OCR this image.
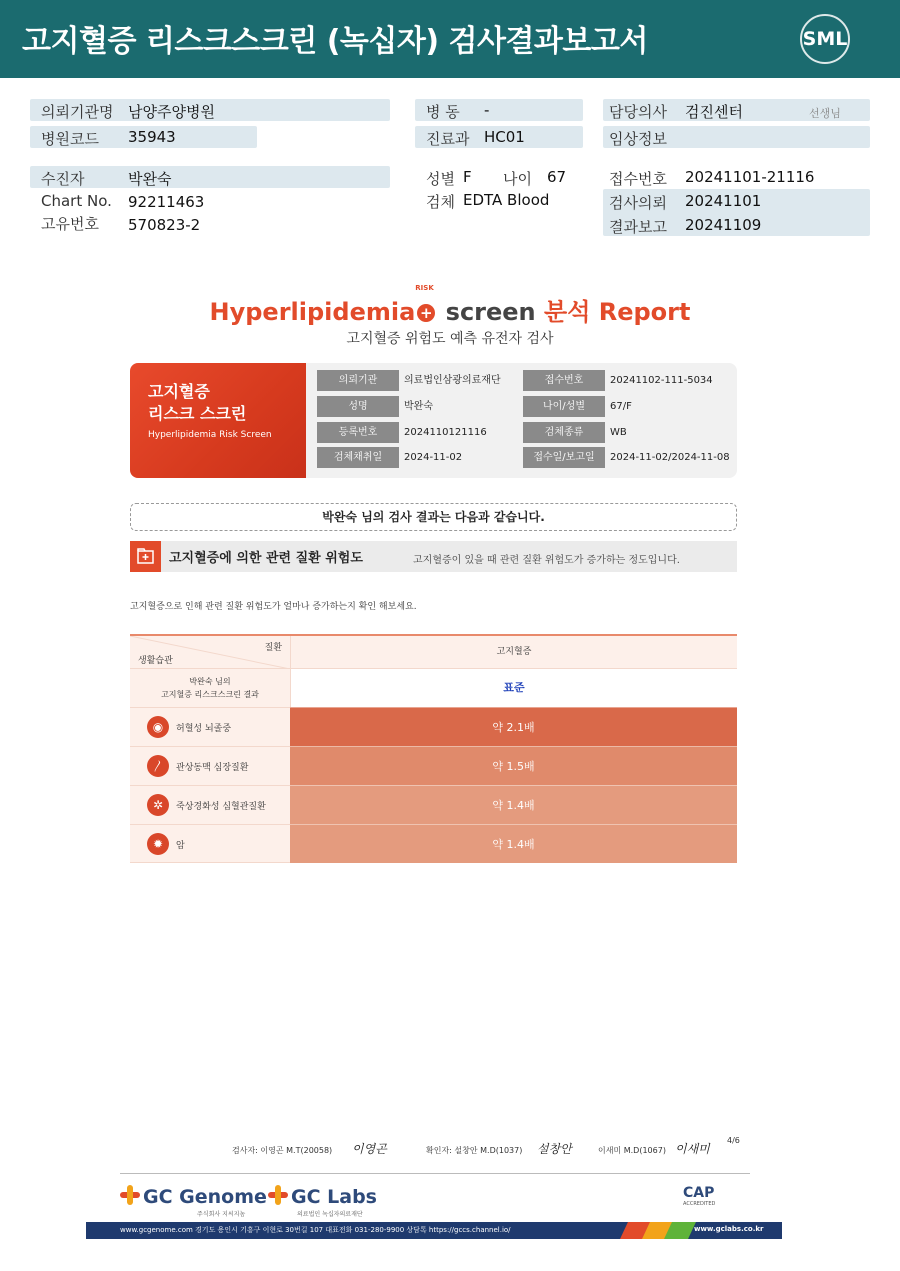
고지혈증 리스크스크린 (녹십자) 검사결과보고서	SML
의뢰기관명 남양주양병원
병원코드 35943
병 동 -
진료과 HC01
담당의사 검진센터	선생님
임상정보
수진자	박완숙
Chart No. 92211463
고유번호 570823-2
성별 F 나이 67
검체 EDTA Blood
접수번호 20241101-21116
검사의뢰 20241101
결과보고 20241109
Hyperlipidemia +
RISK
screen 분석 Report
고지혈증 위험도 예측 유전자 검사
고지혈증
리스크 스크린
Hyperlipidemia Risk Screen
의뢰기관	의료법인삼광의료재단	접수번호	20241102-111-5034
성명	박완숙	나이/성별	67/F
등록번호	2024110121116	검체종류	WB
검체채취일	2024-11-02	접수일/보고일	2024-11-02/2024-11-08
박완숙 님의 검사 결과는 다음과 같습니다.
고지혈증에 의한 관련 질환 위험도	고지혈증이 있을 때 관련 질환 위험도가 증가하는 정도입니다.
고지혈증으로 인해 관련 질환 위험도가 얼마나 증가하는지 확인 해보세요.
질환
생활습관
고지혈증
박완숙 님의
고지혈증 리스크스크린 결과
표준
◉	허혈성 뇌졸중	약 2.1배
〳	관상동맥 심장질환	약 1.5배
✲	죽상경화성 심혈관질환	약 1.4배
✹	암	약 1.4배
검사자: 이영곤 M.T(20058) 이영곤	확인자: 설창안 M.D(1037) 설창안	이새미 M.D(1067) 이새미
4/6
GC Genome
주식회사 지씨지놈
GC Labs
의료법인 녹십자의료재단
CAP
ACCREDITED
www.gcgenome.com 경기도 용인시 기흥구 이현로 30번길 107 대표전화 031-280-9900 상담톡 https://gccs.channel.io/	www.gclabs.co.kr
